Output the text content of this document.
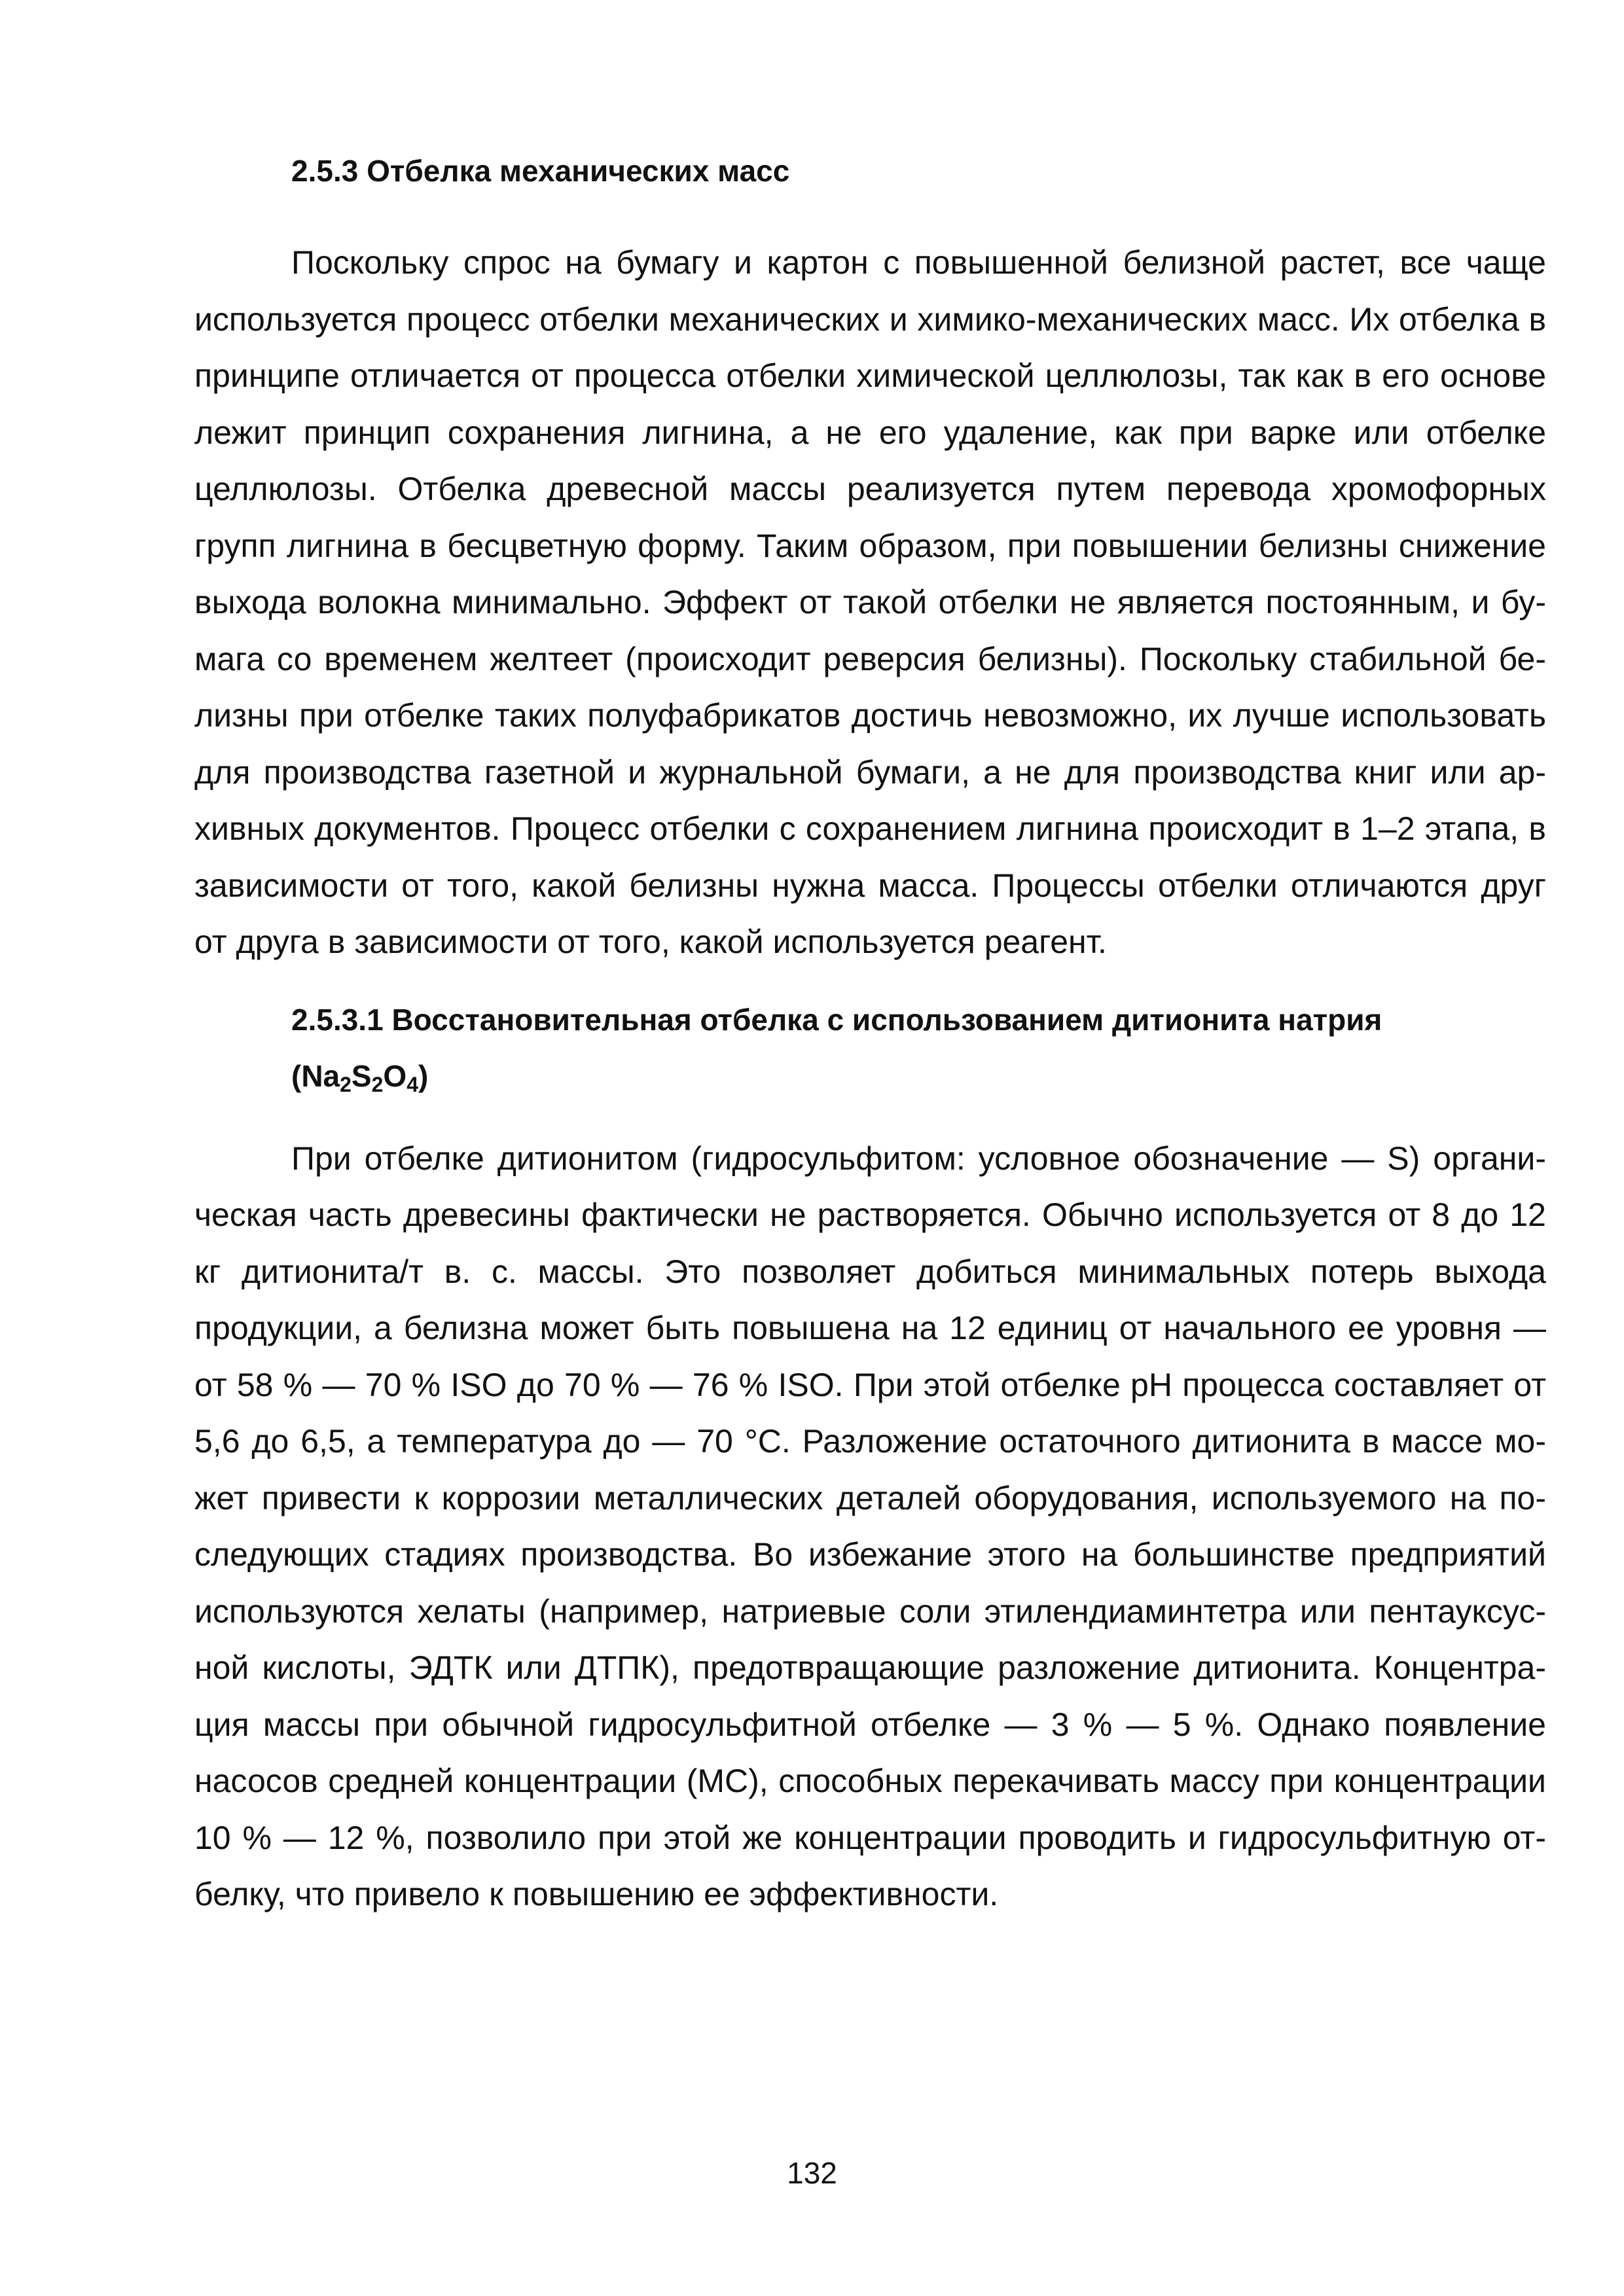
2.5.3 Отбелка механических масс

Поскольку спрос на бумагу и картон с повышенной белизной растет, все чаще используется процесс отбелки механических и химико-механических масс. Их отбелка в принципе отличается от процесса отбелки химической целлюлозы, так как в его основе лежит принцип сохранения лигнина, а не его удаление, как при варке или отбелке целлюлозы. Отбелка древесной массы реализуется путем перевода хромофорных групп лигнина в бесцветную форму. Таким образом, при повышении белизны снижение выхода волокна минимально. Эффект от такой отбелки не является постоянным, и бумага со временем желтеет (происходит реверсия белизны). Поскольку стабильной белизны при отбелке таких полуфабрикатов достичь невозможно, их лучше использовать для производства газетной и журнальной бумаги, а не для производства книг или архивных документов. Процесс отбелки с сохранением лигнина происходит в 1–2 этапа, в зависимости от того, какой белизны нужна масса. Процессы отбелки отличаются друг от друга в зависимости от того, какой используется реагент.

2.5.3.1 Восстановительная отбелка с использованием дитионита натрия
$(Na_2S_2O_4)$

При отбелке дитионитом (гидросульфитом: условное обозначение — S) органическая часть древесины фактически не растворяется. Обычно используется от 8 до 12 кг дитионита/т в. с. массы. Это позволяет добиться минимальных потерь выхода продукции, а белизна может быть повышена на 12 единиц от начального ее уровня — от 58 % — 70 % ISO до 70 % — 76 % ISO. При этой отбелке pH процесса составляет от 5,6 до 6,5, а температура до — 70 °С. Разложение остаточного дитионита в массе может привести к коррозии металлических деталей оборудования, используемого на последующих стадиях производства. Во избежание этого на большинстве предприятий используются хелаты (например, натриевые соли этилендиаминтетра или пентауксусной кислоты, ЭДТК или ДТПК), предотвращающие разложение дитионита. Концентрация массы при обычной гидросульфитной отбелке — 3 % — 5 %. Однако появление насосов средней концентрации (МС), способных перекачивать массу при концентрации 10 % — 12 %, позволило при этой же концентрации проводить и гидросульфитную отбелку, что привело к повышению ее эффективности.

132
